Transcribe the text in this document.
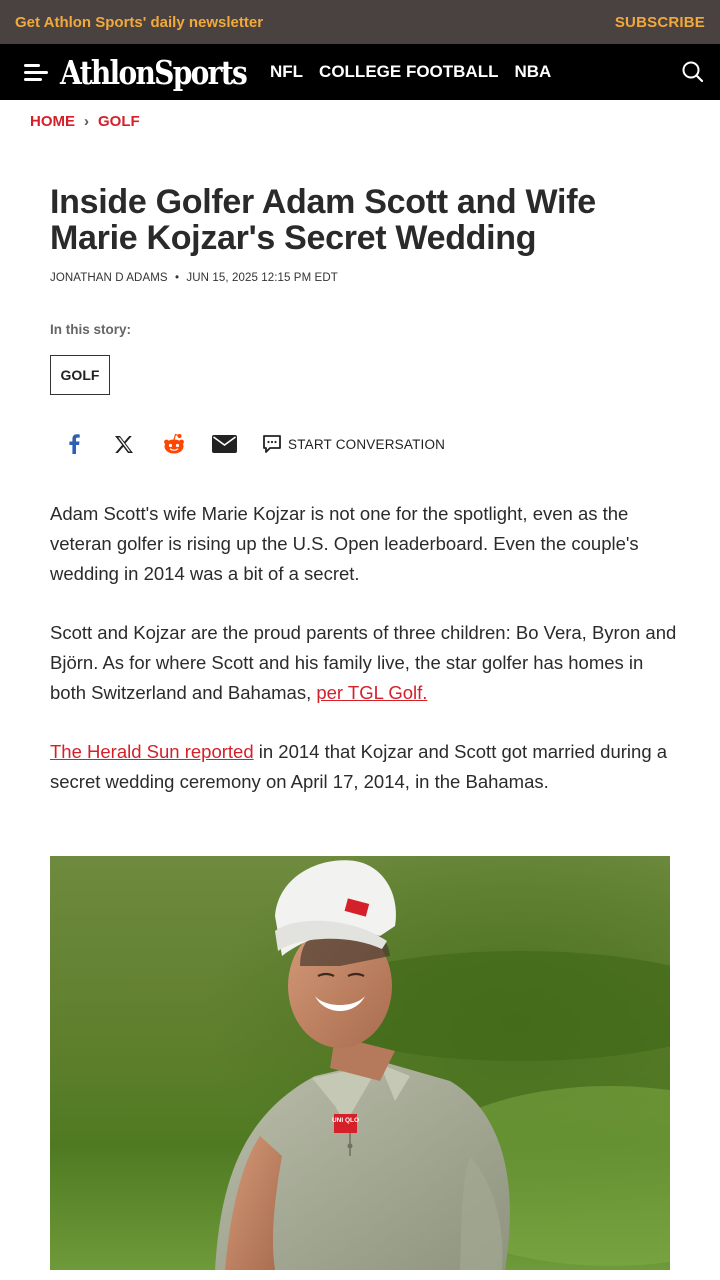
Get Athlon Sports' daily newsletter	SUBSCRIBE
AthlonSports NFL COLLEGE FOOTBALL NBA
HOME › GOLF
Inside Golfer Adam Scott and Wife Marie Kojzar's Secret Wedding
JONATHAN D ADAMS • JUN 15, 2025 12:15 PM EDT
In this story:
GOLF
START CONVERSATION

Adam Scott's wife Marie Kojzar is not one for the spotlight, even as the veteran golfer is rising up the U.S. Open leaderboard. Even the couple's wedding in 2014 was a bit of a secret.

Scott and Kojzar are the proud parents of three children: Bo Vera, Byron and Björn. As for where Scott and his family live, the star golfer has homes in both Switzerland and Bahamas, per TGL Golf.

The Herald Sun reported in 2014 that Kojzar and Scott got married during a secret wedding ceremony on April 17, 2014, in the Bahamas.

UNI QLO
